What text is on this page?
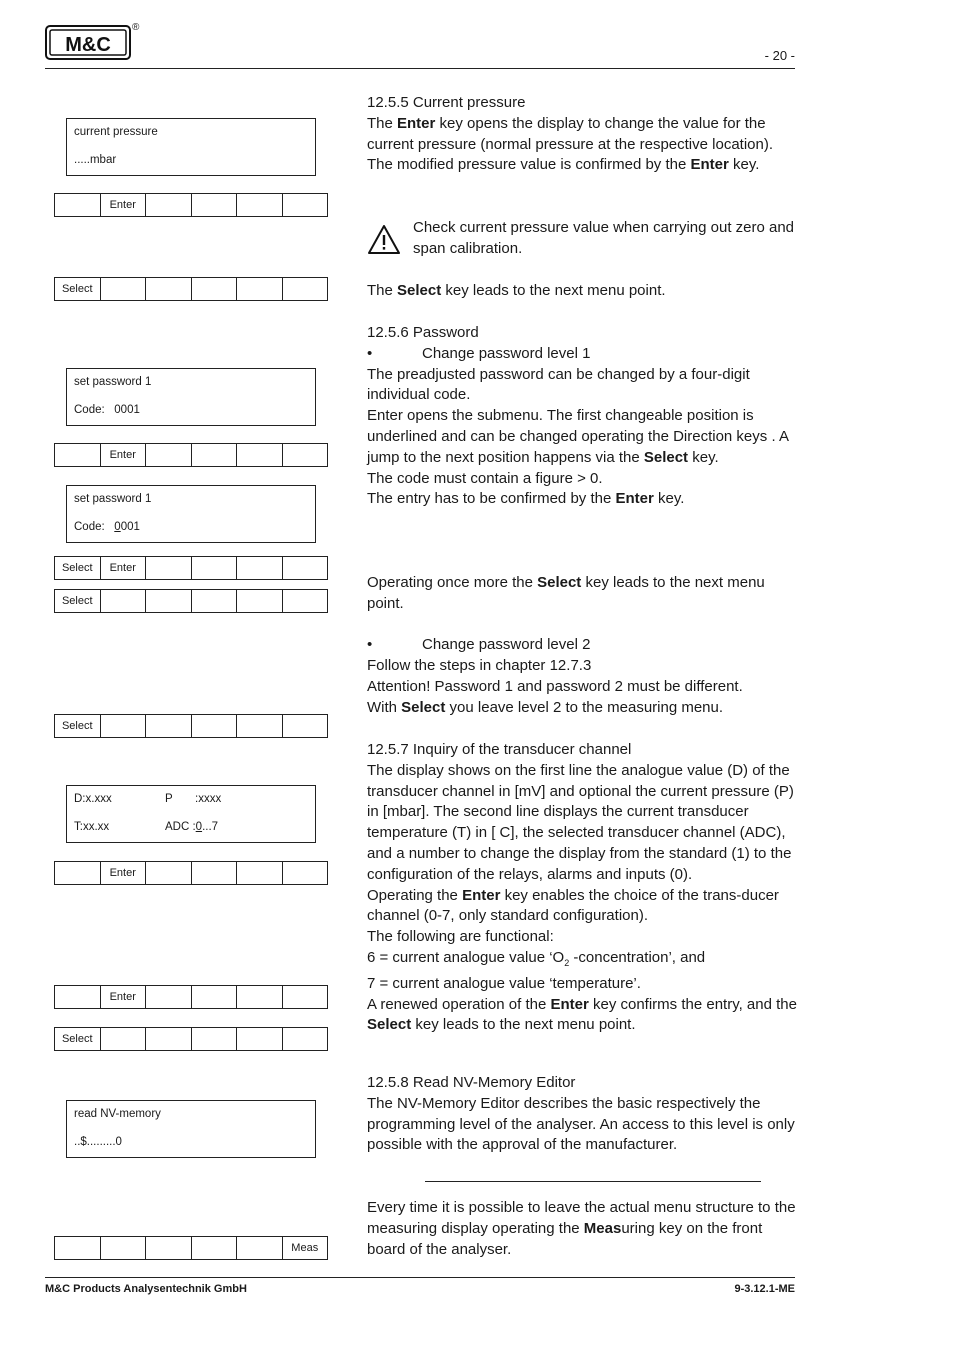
M&C
®
- 20 -
current pressure
.....mbar
Enter
Select
set password 1
Code: 0001
Enter
set password 1
Code: 0001
Select	Enter
Select
Select
D:x.xxx	P :xxxx
T:xx.xx	ADC :0...7
Enter
Enter
Select
read NV-memory
..$.........0
Meas

12.5.5 Current pressure

The Enter key opens the display to change the value for the current pressure (normal pressure at the respective location). The modified pressure value is confirmed by the Enter key.

Check current pressure value when carrying out zero and span calibration.

The Select key leads to the next menu point.

12.5.6 Password

•	Change password level 1

The preadjusted password can be changed by a four-digit individual code.

Enter opens the submenu. The first changeable position is underlined and can be changed operating the Direction keys . A jump to the next position happens via the Select key.

The code must contain a figure > 0.

The entry has to be confirmed by the Enter key.

Operating once more the Select key leads to the next menu point.

•	Change password level 2

Follow the steps in chapter 12.7.3

Attention! Password 1 and password 2 must be different.

With Select you leave level 2 to the measuring menu.

12.5.7 Inquiry of the transducer channel

The display shows on the first line the analogue value (D) of the transducer channel in [mV] and optional the current pressure (P) in [mbar]. The second line displays the current transducer temperature (T) in [ C], the selected transducer channel (ADC), and a number to change the display from the standard (1) to the configuration of the relays, alarms and inputs (0).

Operating the Enter key enables the choice of the trans-ducer channel (0-7, only standard configuration).

The following are functional:

6 = current analogue value ‘$O_2$ -concentration’, and

7 = current analogue value ‘temperature’.

A renewed operation of the Enter key confirms the entry, and the Select key leads to the next menu point.

12.5.8 Read NV-Memory Editor

The NV-Memory Editor describes the basic respectively the programming level of the analyser. An access to this level is only possible with the approval of the manufacturer.

Every time it is possible to leave the actual menu structure to the measuring display operating the Measuring key on the front board of the analyser.

M&C Products Analysentechnik GmbH	9-3.12.1-ME
